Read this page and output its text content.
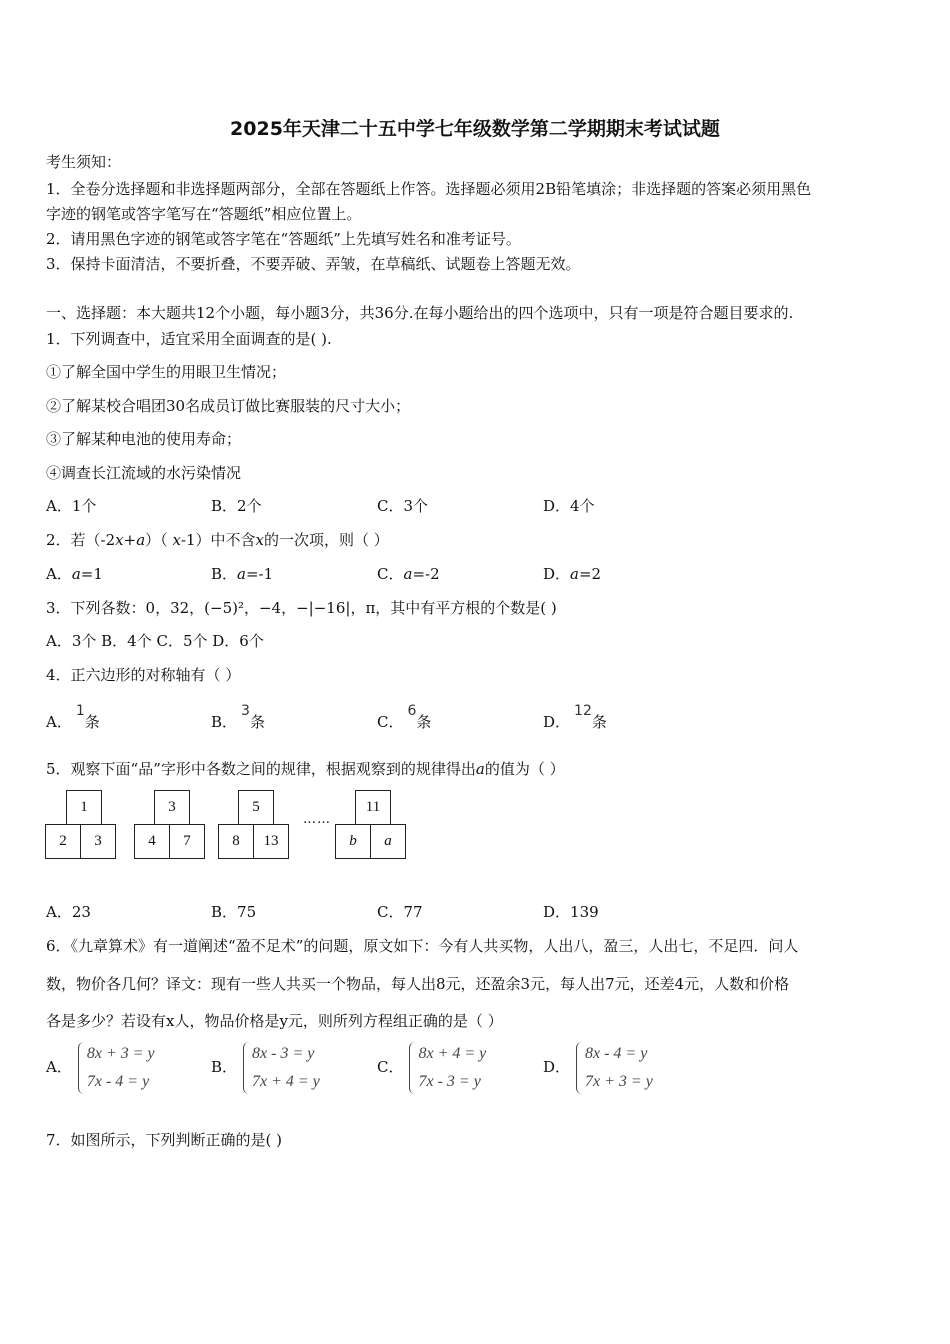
2025年天津二十五中学七年级数学第二学期期末考试试题
考生须知：
1．全卷分选择题和非选择题两部分，全部在答题纸上作答。选择题必须用2B铅笔填涂；非选择题的答案必须用黑色
字迹的钢笔或答字笔写在“答题纸”相应位置上。
2．请用黑色字迹的钢笔或答字笔在“答题纸”上先填写姓名和准考证号。
3．保持卡面清洁，不要折叠，不要弄破、弄皱，在草稿纸、试题卷上答题无效。
一、选择题：本大题共12个小题，每小题3分，共36分.在每小题给出的四个选项中，只有一项是符合题目要求的.
1．下列调查中，适宜采用全面调查的是( ).
①了解全国中学生的用眼卫生情况；
②了解某校合唱团30名成员订做比赛服装的尺寸大小；
③了解某种电池的使用寿命；
④调查长江流域的水污染情况
A．1个	B．2个	C．3个	D．4个
2．若（-2x+a）（ x-1）中不含x的一次项，则（ ）
A．a=1	B．a=-1	C．a=-2	D．a=2
3．下列各数：0，32，(−5)²，−4，−|−16|，π，其中有平方根的个数是( )
A．3个 B．4个 C．5个 D．6个
4．正六边形的对称轴有（ ）
A．1条	B．3条	C．6条	D．12条
5．观察下面“品”字形中各数之间的规律，根据观察到的规律得出a的值为（ ）
1
2	3
3
4	7
5
8	13
……
11
b	a
A．23	B．75	C．77	D．139
6．《九章算术》有一道阐述“盈不足术”的问题，原文如下：今有人共买物，人出八，盈三，人出七，不足四．问人
数，物价各几何？译文：现有一些人共买一个物品，每人出8元，还盈余3元，每人出7元，还差4元，人数和价格
各是多少？若设有x人，物品价格是y元，则所列方程组正确的是（ ）
A．
8x + 3 = y
7x - 4 = y
B．
8x - 3 = y
7x + 4 = y
C．
8x + 4 = y
7x - 3 = y
D．
8x - 4 = y
7x + 3 = y
7．如图所示，下列判断正确的是( )
